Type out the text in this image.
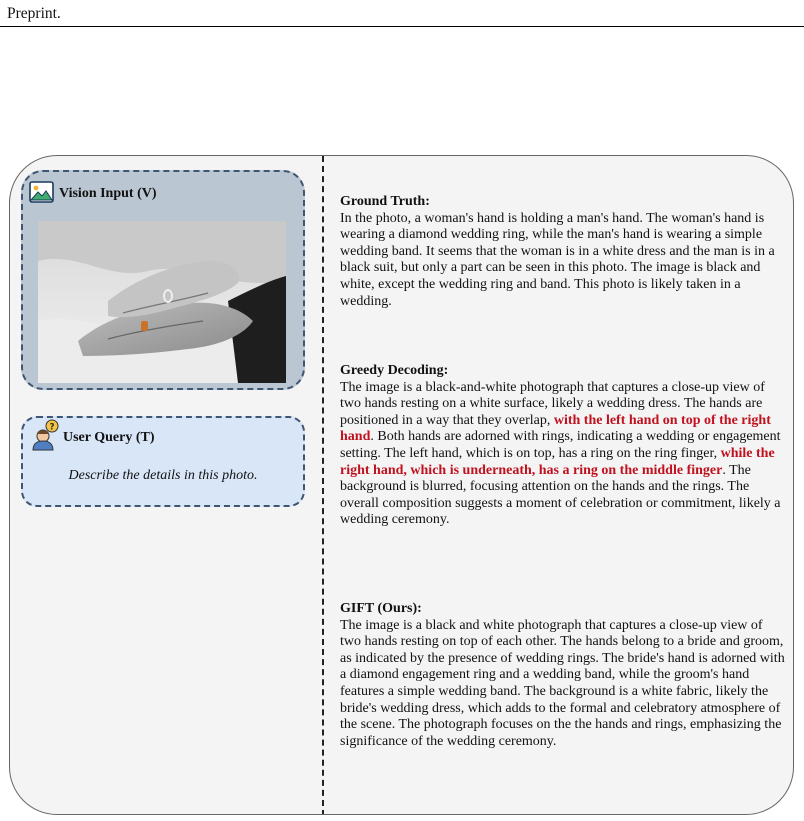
Preprint.
Vision Input (V)
?
User Query (T)
Describe the details in this photo.
Ground Truth:
In the photo, a woman's hand is holding a man's hand. The woman's hand is wearing a diamond wedding ring, while the man's hand is wearing a simple wedding band. It seems that the woman is in a white dress and the man is in a black suit, but only a part can be seen in this photo. The image is black and white, except the wedding ring and band. This photo is likely taken in a wedding.
Greedy Decoding:
The image is a black-and-white photograph that captures a close-up view of two hands resting on a white surface, likely a wedding dress. The hands are positioned in a way that they overlap, with the left hand on top of the right hand. Both hands are adorned with rings, indicating a wedding or engagement setting. The left hand, which is on top, has a ring on the ring finger, while the right hand, which is underneath, has a ring on the middle finger. The background is blurred, focusing attention on the hands and the rings. The overall composition suggests a moment of celebration or commitment, likely a wedding ceremony.
GIFT (Ours):
The image is a black and white photograph that captures a close-up view of two hands resting on top of each other. The hands belong to a bride and groom, as indicated by the presence of wedding rings. The bride's hand is adorned with a diamond engagement ring and a wedding band, while the groom's hand features a simple wedding band. The background is a white fabric, likely the bride's wedding dress, which adds to the formal and celebratory atmosphere of the scene. The photograph focuses on the the hands and rings, emphasizing the significance of the wedding ceremony.
